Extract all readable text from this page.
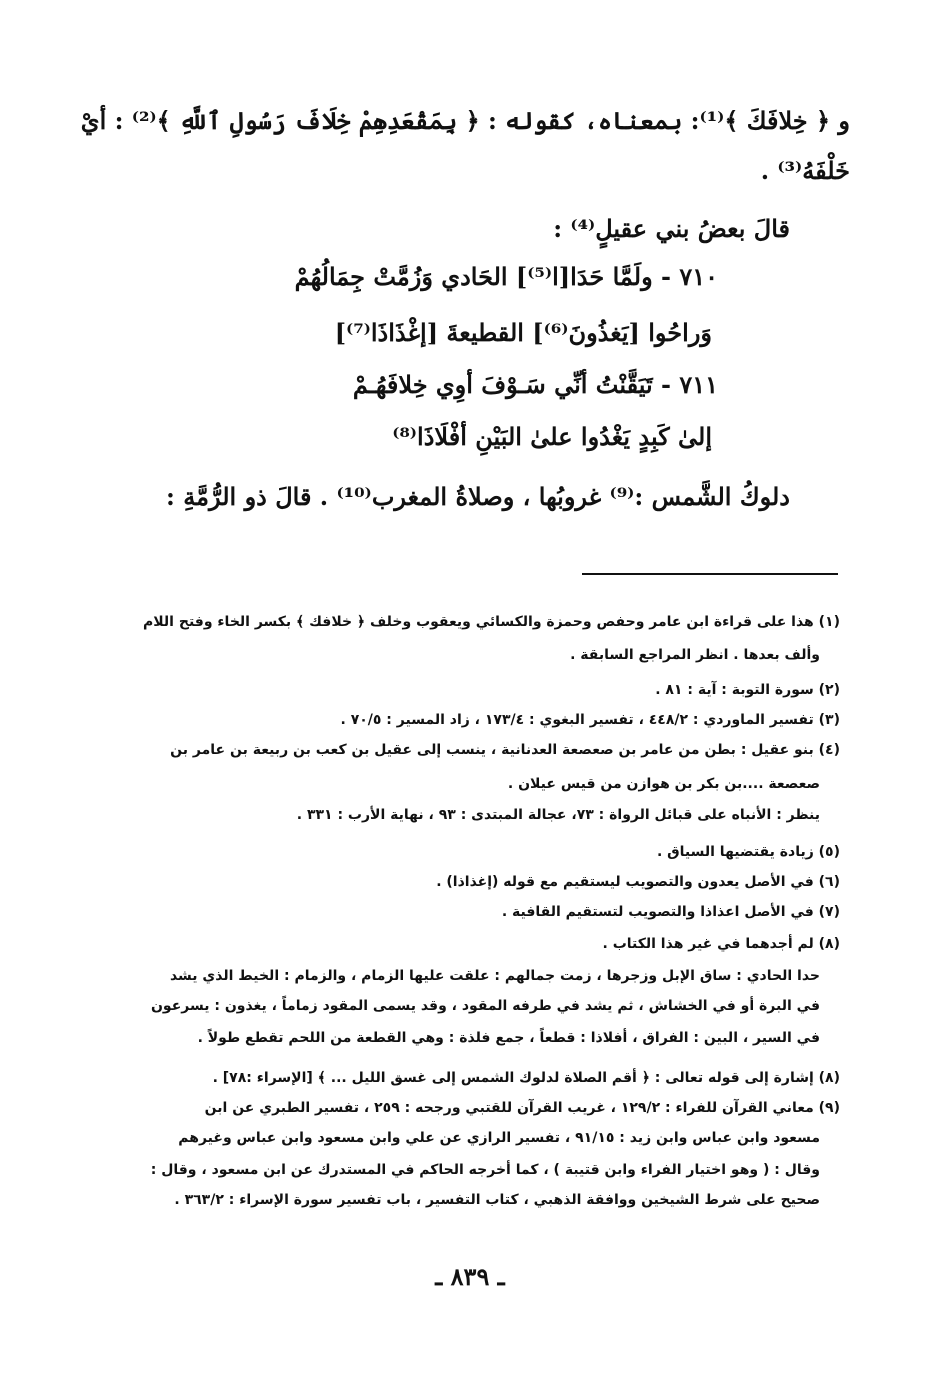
و ﴿ خِلافَكَ ﴾⁽¹⁾: بمعناه، كقوله : ﴿ بِمَقْعَدِهِمْ خِلَافَ رَسُولِ ٱللَّهِ ﴾⁽²⁾ : أيْ
خَلْفَهُ⁽³⁾ .
قالَ بعضُ بني عقيلٍ⁽⁴⁾ :
٧١٠ - ولَمَّا حَدَا[ا⁽⁵⁾] الحَادي وَزُمَّتْ جِمَالُهُمْ
وَراحُوا [يَغذُونَ⁽⁶⁾] القطيعةَ [إغْذَاذَا⁽⁷⁾]
٧١١ - تَيَقَّنْتُ أنِّي سَـوْفَ أوِي خِلافَهُـمْ
إلىٰ كَبِدٍ يَغْدُوا علىٰ البَيْنِ أفْلَاذَا⁽⁸⁾
دلوكُ الشَّمس :⁽⁹⁾ غروبُها ، وصلاةُ المغرب⁽¹⁰⁾ . قالَ ذو الرُّمَّةِ :
(١) هذا على قراءة ابن عامر وحفص وحمزة والكسائي ويعقوب وخلف ﴿ خلافك ﴾ بكسر الخاء وفتح اللام
وألف بعدها . انظر المراجع السابقة .
(٢) سورة التوبة : آية : ٨١ .
(٣) تفسير الماوردي : ٤٤٨/٢ ، تفسير البغوي : ١٧٣/٤ ، زاد المسير : ٧٠/٥ .
(٤) بنو عقيل : بطن من عامر بن صعصعة العدنانية ، ينسب إلى عقيل بن كعب بن ربيعة بن عامر بن
صعصعة ....بن بكر بن هوازن من قيس عيلان .
ينظر : الأنباه على قبائل الرواة : ٧٣، عجالة المبتدى : ٩٣ ، نهاية الأرب : ٣٣١ .
(٥) زيادة يقتضيها السياق .
(٦) في الأصل يعدون والتصويب ليستقيم مع قوله (إغذاذا) .
(٧) في الأصل اعذاذا والتصويب لتستقيم القافية .
(٨) لم أجدهما في غير هذا الكتاب .
حدا الحادي : ساق الإبل وزجرها ، زمت جمالهم : علقت عليها الزمام ، والزمام : الخيط الذي يشد
في البرة أو في الخشاش ، ثم يشد في طرفه المقود ، وقد يسمى المقود زماماً ، يغذون : يسرعون
في السير ، البين : الفراق ، أفلاذا : قطعاً ، جمع فلذة : وهي القطعة من اللحم تقطع طولاً .
(٨) إشارة إلى قوله تعالى : ﴿ أقم الصلاة لدلوك الشمس إلى غسق الليل ... ﴾ [الإسراء :٧٨] .
(٩) معاني القرآن للفراء : ١٢٩/٢ ، غريب القرآن للقتبي ورجحه : ٢٥٩ ، تفسير الطبري عن ابن
مسعود وابن عباس وابن زيد : ٩١/١٥ ، تفسير الرازي عن علي وابن مسعود وابن عباس وغيرهم
وقال : ( وهو اختيار الفراء وابن قتيبة ) ، كما أخرجه الحاكم في المستدرك عن ابن مسعود ، وقال :
صحيح على شرط الشيخين ووافقة الذهبي ، كتاب التفسير ، باب تفسير سورة الإسراء : ٣٦٣/٢ .
ـ ٨٣٩ ـ
